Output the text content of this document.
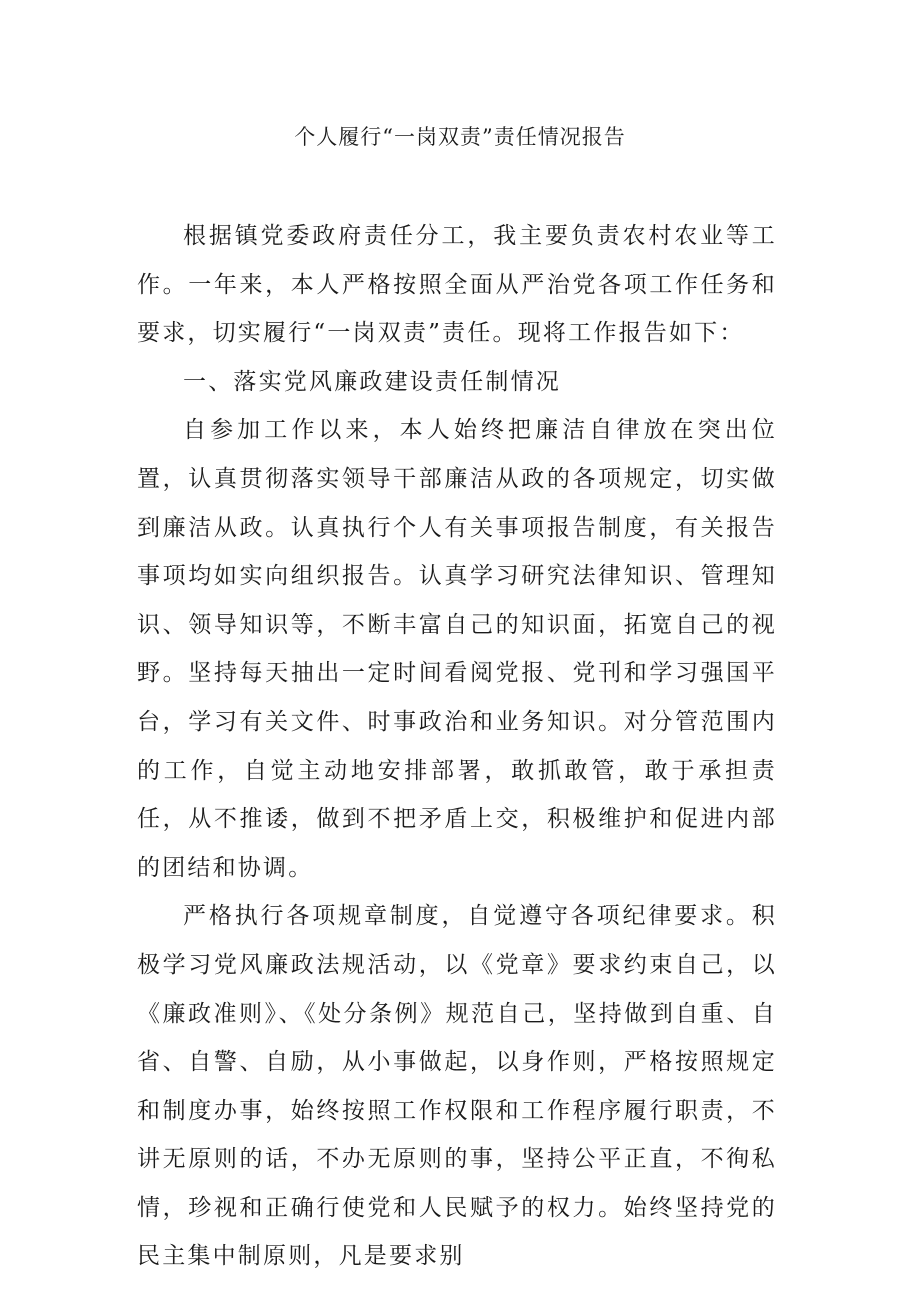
个人履行“一岗双责”责任情况报告

根据镇党委政府责任分工，我主要负责农村农业等工作。一年来，本人严格按照全面从严治党各项工作任务和要求，切实履行“一岗双责”责任。现将工作报告如下：

一、落实党风廉政建设责任制情况

自参加工作以来，本人始终把廉洁自律放在突出位置，认真贯彻落实领导干部廉洁从政的各项规定，切实做到廉洁从政。认真执行个人有关事项报告制度，有关报告事项均如实向组织报告。认真学习研究法律知识、管理知识、领导知识等，不断丰富自己的知识面，拓宽自己的视野。坚持每天抽出一定时间看阅党报、党刊和学习强国平台，学习有关文件、时事政治和业务知识。对分管范围内的工作，自觉主动地安排部署，敢抓敢管，敢于承担责任，从不推诿，做到不把矛盾上交，积极维护和促进内部的团结和协调。

严格执行各项规章制度，自觉遵守各项纪律要求。积极学习党风廉政法规活动，以《党章》要求约束自己，以《廉政准则》、《处分条例》规范自己，坚持做到自重、自省、自警、自励，从小事做起，以身作则，严格按照规定和制度办事，始终按照工作权限和工作程序履行职责，不讲无原则的话，不办无原则的事，坚持公平正直，不徇私情，珍视和正确行使党和人民赋予的权力。始终坚持党的民主集中制原则，凡是要求别
